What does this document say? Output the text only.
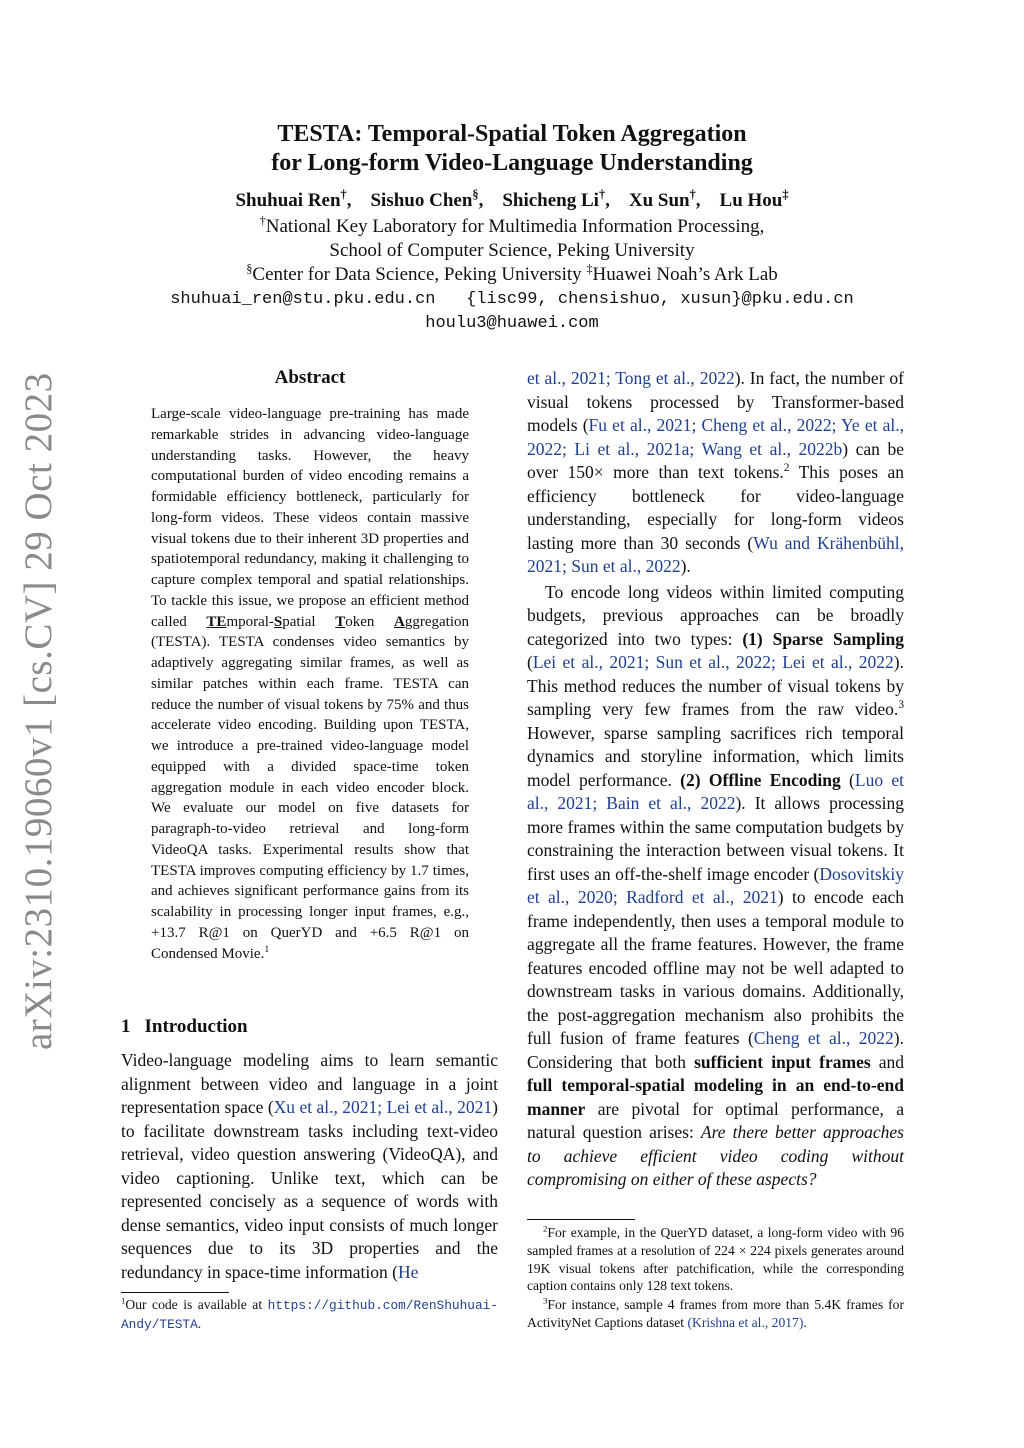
arXiv:2310.19060v1 [cs.CV] 29 Oct 2023
TESTA: Temporal-Spatial Token Aggregation
for Long-form Video-Language Understanding
Shuhuai Ren†, Sishuo Chen§, Shicheng Li†, Xu Sun†, Lu Hou‡
†National Key Laboratory for Multimedia Information Processing,
School of Computer Science, Peking University
§Center for Data Science, Peking University ‡Huawei Noah’s Ark Lab
shuhuai_ren@stu.pku.edu.cn   {lisc99, chensishuo, xusun}@pku.edu.cn
houlu3@huawei.com
Abstract
Large-scale video-language pre-training has made remarkable strides in advancing video-language understanding tasks. However, the heavy computational burden of video encoding remains a formidable efficiency bottleneck, particularly for long-form videos. These videos contain massive visual tokens due to their inherent 3D properties and spatiotemporal redundancy, making it challenging to capture complex temporal and spatial relationships. To tackle this issue, we propose an efficient method called TEmporal-Spatial Token Aggregation (TESTA). TESTA condenses video semantics by adaptively aggregating similar frames, as well as similar patches within each frame. TESTA can reduce the number of visual tokens by 75% and thus accelerate video encoding. Building upon TESTA, we introduce a pre-trained video-language model equipped with a divided space-time token aggregation module in each video encoder block. We evaluate our model on five datasets for paragraph-to-video retrieval and long-form VideoQA tasks. Experimental results show that TESTA improves computing efficiency by 1.7 times, and achieves significant performance gains from its scalability in processing longer input frames, e.g., +13.7 R@1 on QuerYD and +6.5 R@1 on Condensed Movie.$^1$
1 Introduction
Video-language modeling aims to learn semantic alignment between video and language in a joint representation space (Xu et al., 2021; Lei et al., 2021) to facilitate downstream tasks including text-video retrieval, video question answering (VideoQA), and video captioning. Unlike text, which can be represented concisely as a sequence of words with dense semantics, video input consists of much longer sequences due to its 3D properties and the redundancy in space-time information (He
$^1$Our code is available at https://github.com/RenShuhuai-Andy/TESTA.

et al., 2021; Tong et al., 2022). In fact, the number of visual tokens processed by Transformer-based models (Fu et al., 2021; Cheng et al., 2022; Ye et al., 2022; Li et al., 2021a; Wang et al., 2022b) can be over 150× more than text tokens.$^2$ This poses an efficiency bottleneck for video-language understanding, especially for long-form videos lasting more than 30 seconds (Wu and Krähenbühl, 2021; Sun et al., 2022).

To encode long videos within limited computing budgets, previous approaches can be broadly categorized into two types: (1) Sparse Sampling (Lei et al., 2021; Sun et al., 2022; Lei et al., 2022). This method reduces the number of visual tokens by sampling very few frames from the raw video.$^3$ However, sparse sampling sacrifices rich temporal dynamics and storyline information, which limits model performance. (2) Offline Encoding (Luo et al., 2021; Bain et al., 2022). It allows processing more frames within the same computation budgets by constraining the interaction between visual tokens. It first uses an off-the-shelf image encoder (Dosovitskiy et al., 2020; Radford et al., 2021) to encode each frame independently, then uses a temporal module to aggregate all the frame features. However, the frame features encoded offline may not be well adapted to downstream tasks in various domains. Additionally, the post-aggregation mechanism also prohibits the full fusion of frame features (Cheng et al., 2022). Considering that both sufficient input frames and full temporal-spatial modeling in an end-to-end manner are pivotal for optimal performance, a natural question arises: Are there better approaches to achieve efficient video coding without compromising on either of these aspects?

$^2$For example, in the QuerYD dataset, a long-form video with 96 sampled frames at a resolution of 224 × 224 pixels generates around 19K visual tokens after patchification, while the corresponding caption contains only 128 text tokens.
$^3$For instance, sample 4 frames from more than 5.4K frames for ActivityNet Captions dataset (Krishna et al., 2017).
